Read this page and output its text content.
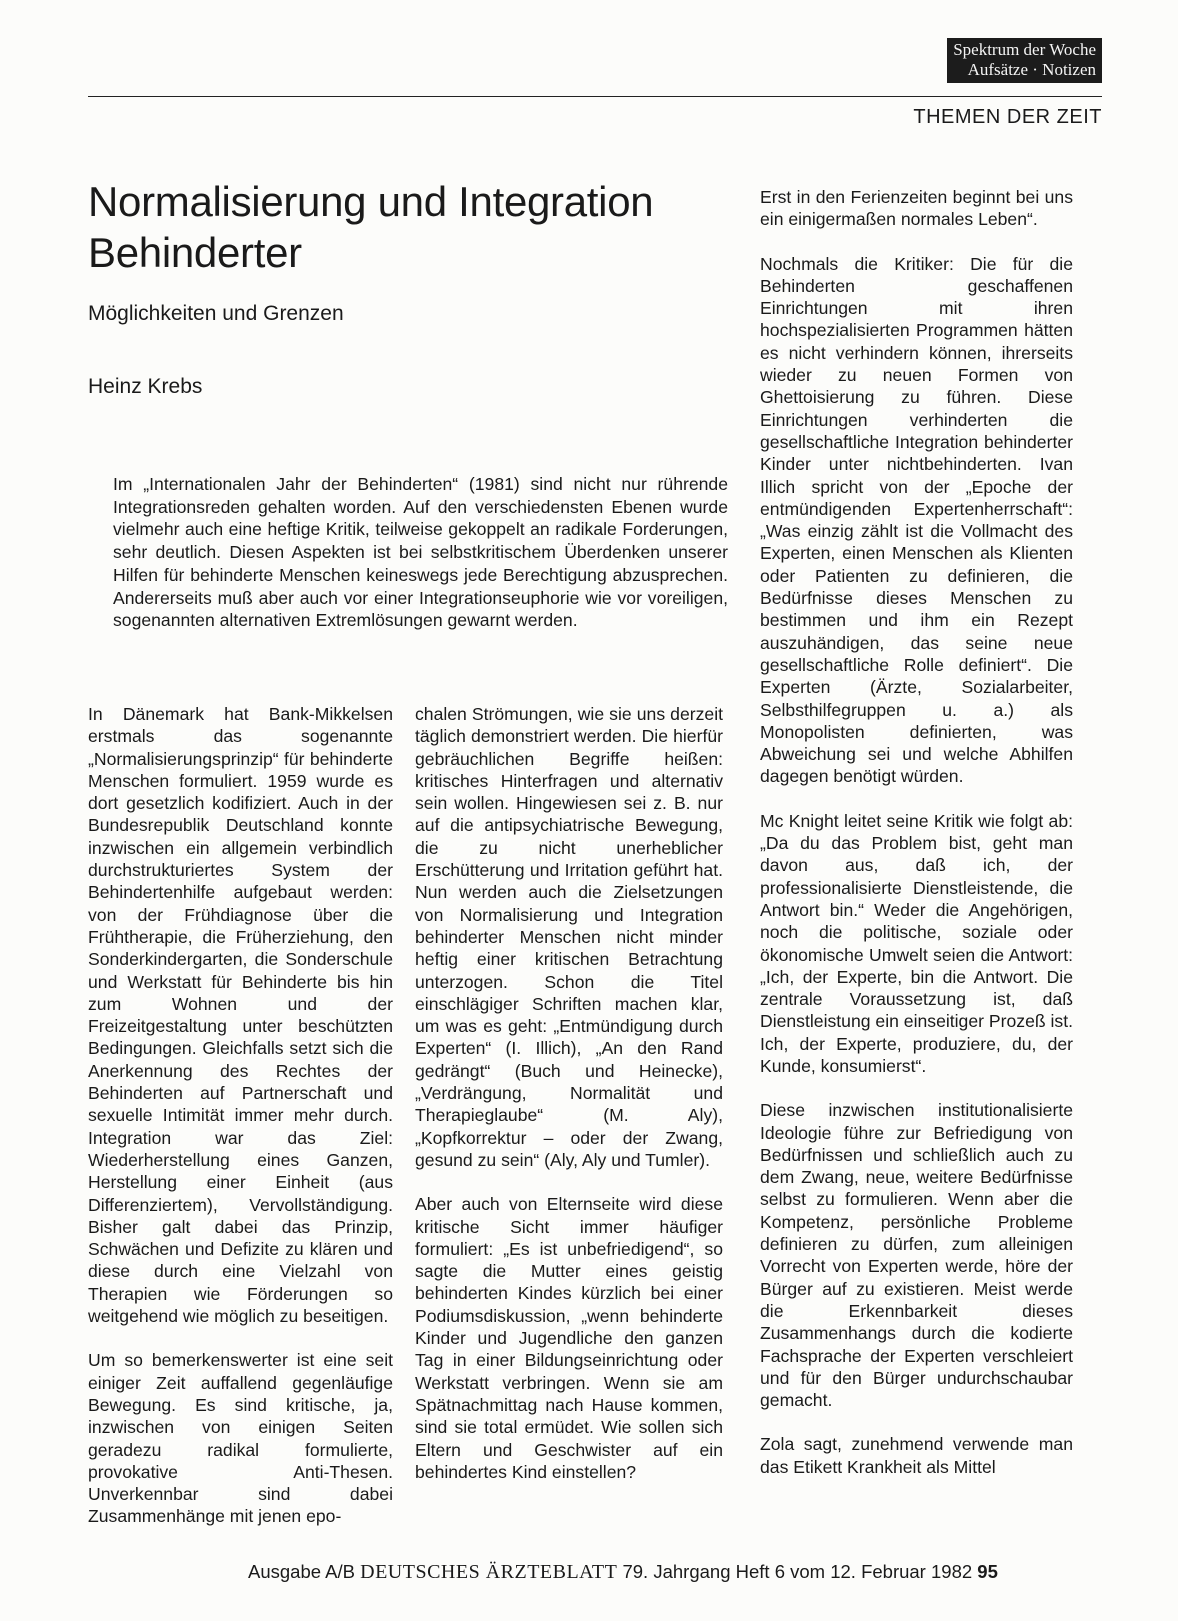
Spektrum der Woche
Aufsätze · Notizen
THEMEN DER ZEIT
Normalisierung und Integration Behinderter
Möglichkeiten und Grenzen
Heinz Krebs

Im „Internationalen Jahr der Behinderten“ (1981) sind nicht nur rührende Integrationsreden gehalten worden. Auf den verschiedensten Ebenen wurde vielmehr auch eine heftige Kritik, teilweise gekoppelt an radikale Forderungen, sehr deutlich. Diesen Aspekten ist bei selbstkritischem Überdenken unserer Hilfen für behinderte Menschen keineswegs jede Berechtigung abzusprechen. Andererseits muß aber auch vor einer Integrationseuphorie wie vor voreiligen, sogenannten alternativen Extremlösungen gewarnt werden.

In Dänemark hat Bank-Mikkelsen erstmals das sogenannte „Normalisierungsprinzip“ für behinderte Menschen formuliert. 1959 wurde es dort gesetzlich kodifiziert. Auch in der Bundesrepublik Deutschland konnte inzwischen ein allgemein verbindlich durchstrukturiertes System der Behindertenhilfe aufgebaut werden: von der Frühdiagnose über die Frühtherapie, die Früherziehung, den Sonderkindergarten, die Sonderschule und Werkstatt für Behinderte bis hin zum Wohnen und der Freizeitgestaltung unter beschützten Bedingungen. Gleichfalls setzt sich die Anerkennung des Rechtes der Behinderten auf Partnerschaft und sexuelle Intimität immer mehr durch. Integration war das Ziel: Wiederherstellung eines Ganzen, Herstellung einer Einheit (aus Differenziertem), Vervollständigung. Bisher galt dabei das Prinzip, Schwächen und Defizite zu klären und diese durch eine Vielzahl von Therapien wie Förderungen so weitgehend wie möglich zu beseitigen.

Um so bemerkenswerter ist eine seit einiger Zeit auffallend gegenläufige Bewegung. Es sind kritische, ja, inzwischen von einigen Seiten geradezu radikal formulierte, provokative Anti-Thesen. Unverkennbar sind dabei Zusammenhänge mit jenen epo-

chalen Strömungen, wie sie uns derzeit täglich demonstriert werden. Die hierfür gebräuchlichen Begriffe heißen: kritisches Hinterfragen und alternativ sein wollen. Hingewiesen sei z. B. nur auf die antipsychiatrische Bewegung, die zu nicht unerheblicher Erschütterung und Irritation geführt hat. Nun werden auch die Zielsetzungen von Normalisierung und Integration behinderter Menschen nicht minder heftig einer kritischen Betrachtung unterzogen. Schon die Titel einschlägiger Schriften machen klar, um was es geht: „Entmündigung durch Experten“ (I. Illich), „An den Rand gedrängt“ (Buch und Heinecke), „Verdrängung, Normalität und Therapieglaube“ (M. Aly), „Kopfkorrektur – oder der Zwang, gesund zu sein“ (Aly, Aly und Tumler).

Aber auch von Elternseite wird diese kritische Sicht immer häufiger formuliert: „Es ist unbefriedigend“, so sagte die Mutter eines geistig behinderten Kindes kürzlich bei einer Podiumsdiskussion, „wenn behinderte Kinder und Jugendliche den ganzen Tag in einer Bildungseinrichtung oder Werkstatt verbringen. Wenn sie am Spätnachmittag nach Hause kommen, sind sie total ermüdet. Wie sollen sich Eltern und Geschwister auf ein behindertes Kind einstellen?

Erst in den Ferienzeiten beginnt bei uns ein einigermaßen normales Leben“.

Nochmals die Kritiker: Die für die Behinderten geschaffenen Einrichtungen mit ihren hochspezialisierten Programmen hätten es nicht verhindern können, ihrerseits wieder zu neuen Formen von Ghettoisierung zu führen. Diese Einrichtungen verhinderten die gesellschaftliche Integration behinderter Kinder unter nichtbehinderten. Ivan Illich spricht von der „Epoche der entmündigenden Expertenherrschaft“: „Was einzig zählt ist die Vollmacht des Experten, einen Menschen als Klienten oder Patienten zu definieren, die Bedürfnisse dieses Menschen zu bestimmen und ihm ein Rezept auszuhändigen, das seine neue gesellschaftliche Rolle definiert“. Die Experten (Ärzte, Sozialarbeiter, Selbsthilfegruppen u. a.) als Monopolisten definierten, was Abweichung sei und welche Abhilfen dagegen benötigt würden.

Mc Knight leitet seine Kritik wie folgt ab: „Da du das Problem bist, geht man davon aus, daß ich, der professionalisierte Dienstleistende, die Antwort bin.“ Weder die Angehörigen, noch die politische, soziale oder ökonomische Umwelt seien die Antwort: „Ich, der Experte, bin die Antwort. Die zentrale Voraussetzung ist, daß Dienstleistung ein einseitiger Prozeß ist. Ich, der Experte, produziere, du, der Kunde, konsumierst“.

Diese inzwischen institutionalisierte Ideologie führe zur Befriedigung von Bedürfnissen und schließlich auch zu dem Zwang, neue, weitere Bedürfnisse selbst zu formulieren. Wenn aber die Kompetenz, persönliche Probleme definieren zu dürfen, zum alleinigen Vorrecht von Experten werde, höre der Bürger auf zu existieren. Meist werde die Erkennbarkeit dieses Zusammenhangs durch die kodierte Fachsprache der Experten verschleiert und für den Bürger undurchschaubar gemacht.

Zola sagt, zunehmend verwende man das Etikett Krankheit als Mittel

Ausgabe A/B DEUTSCHES ÄRZTEBLATT 79. Jahrgang Heft 6 vom 12. Februar 1982 95
